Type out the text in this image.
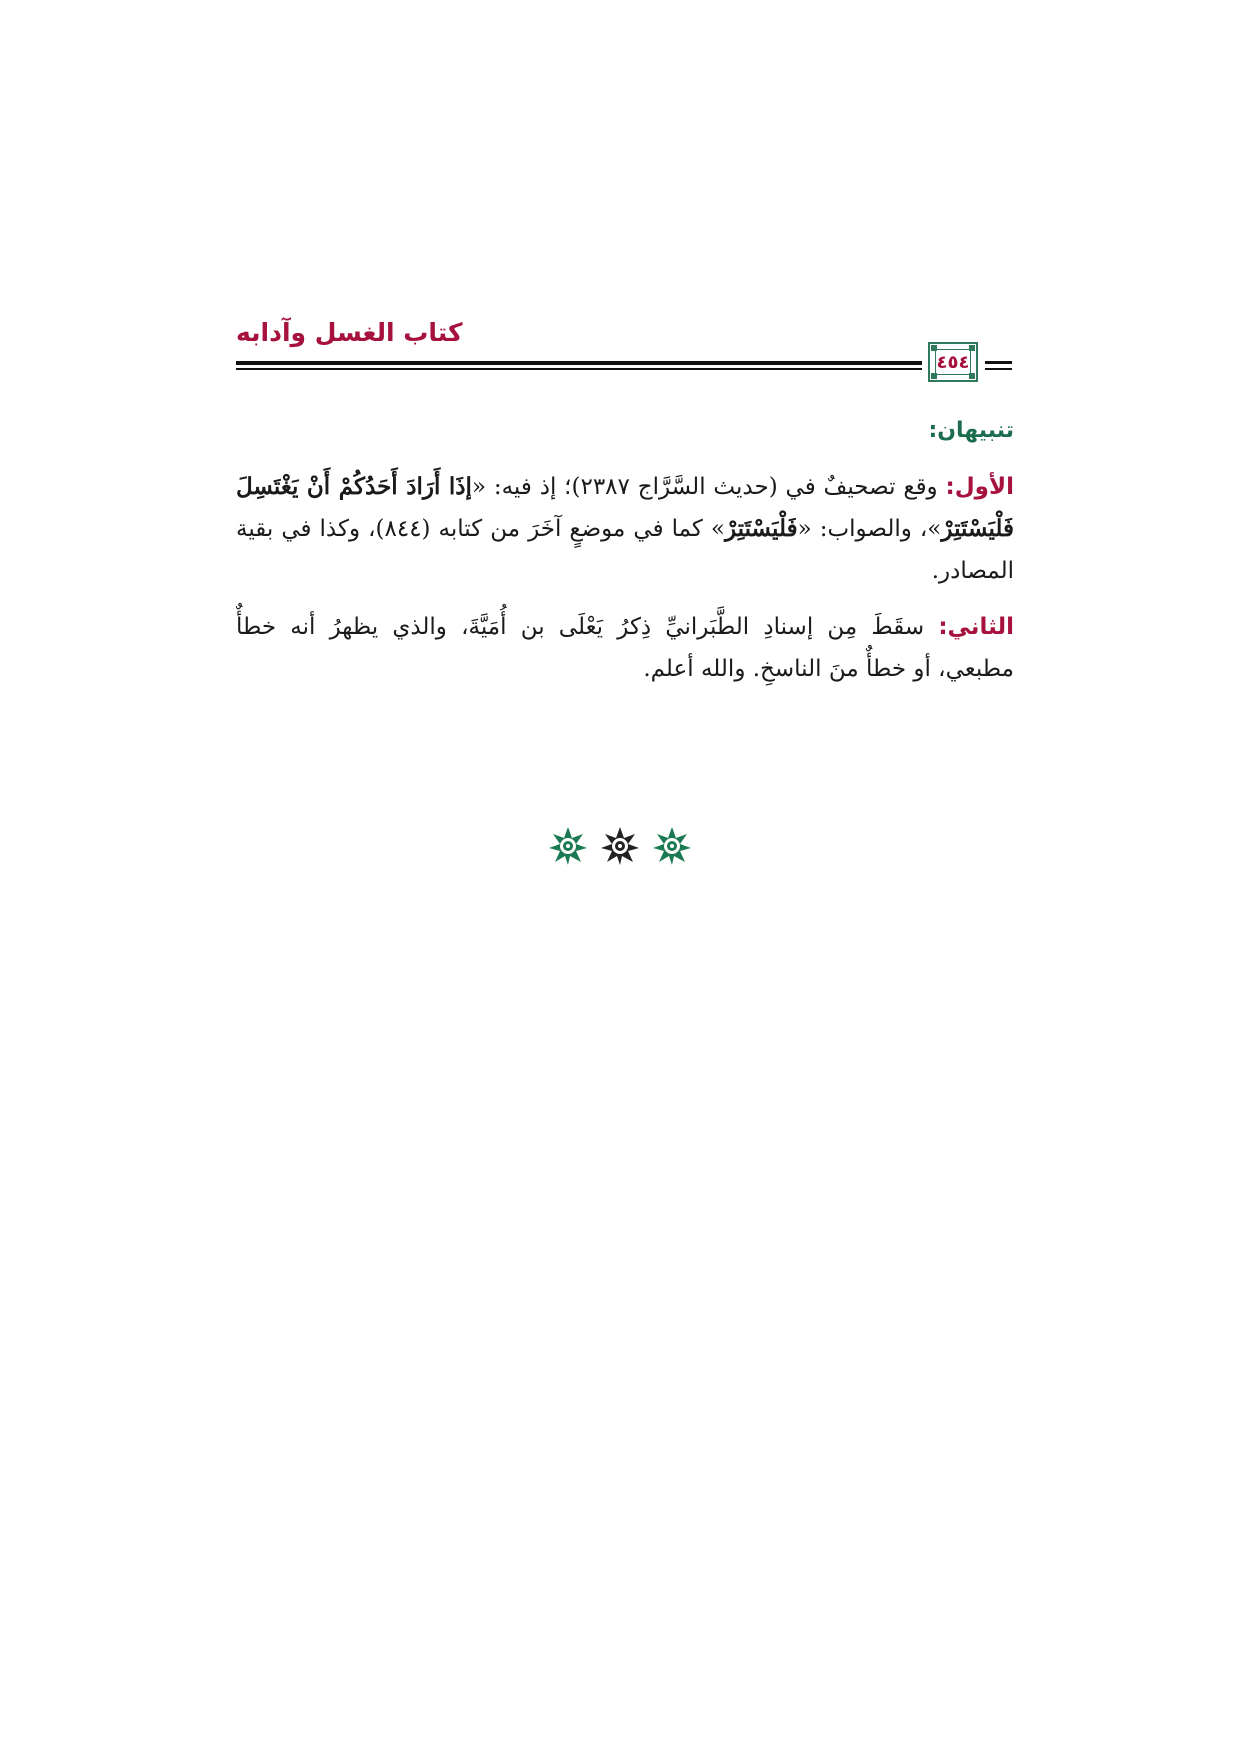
كتاب الغسل وآدابه
٤٥٤
تنبيهان:

الأول: وقع تصحيفٌ في (حديث السَّرَّاج ٢٣٨٧)؛ إذ فيه: «إذَا أَرَادَ أَحَدُكُمْ أَنْ يَغْتَسِلَ فَلْيَسْتَتِرْ»، والصواب: «فَلْيَسْتَتِرْ» كما في موضعٍ آخَرَ من كتابه (٨٤٤)، وكذا في بقية المصادر.

الثاني: سقَطَ مِن إسنادِ الطَّبَرانيِّ ذِكرُ يَعْلَى بن أُمَيَّةَ، والذي يظهرُ أنه خطأٌ مطبعي، أو خطأٌ منَ الناسخِ. والله أعلم.
